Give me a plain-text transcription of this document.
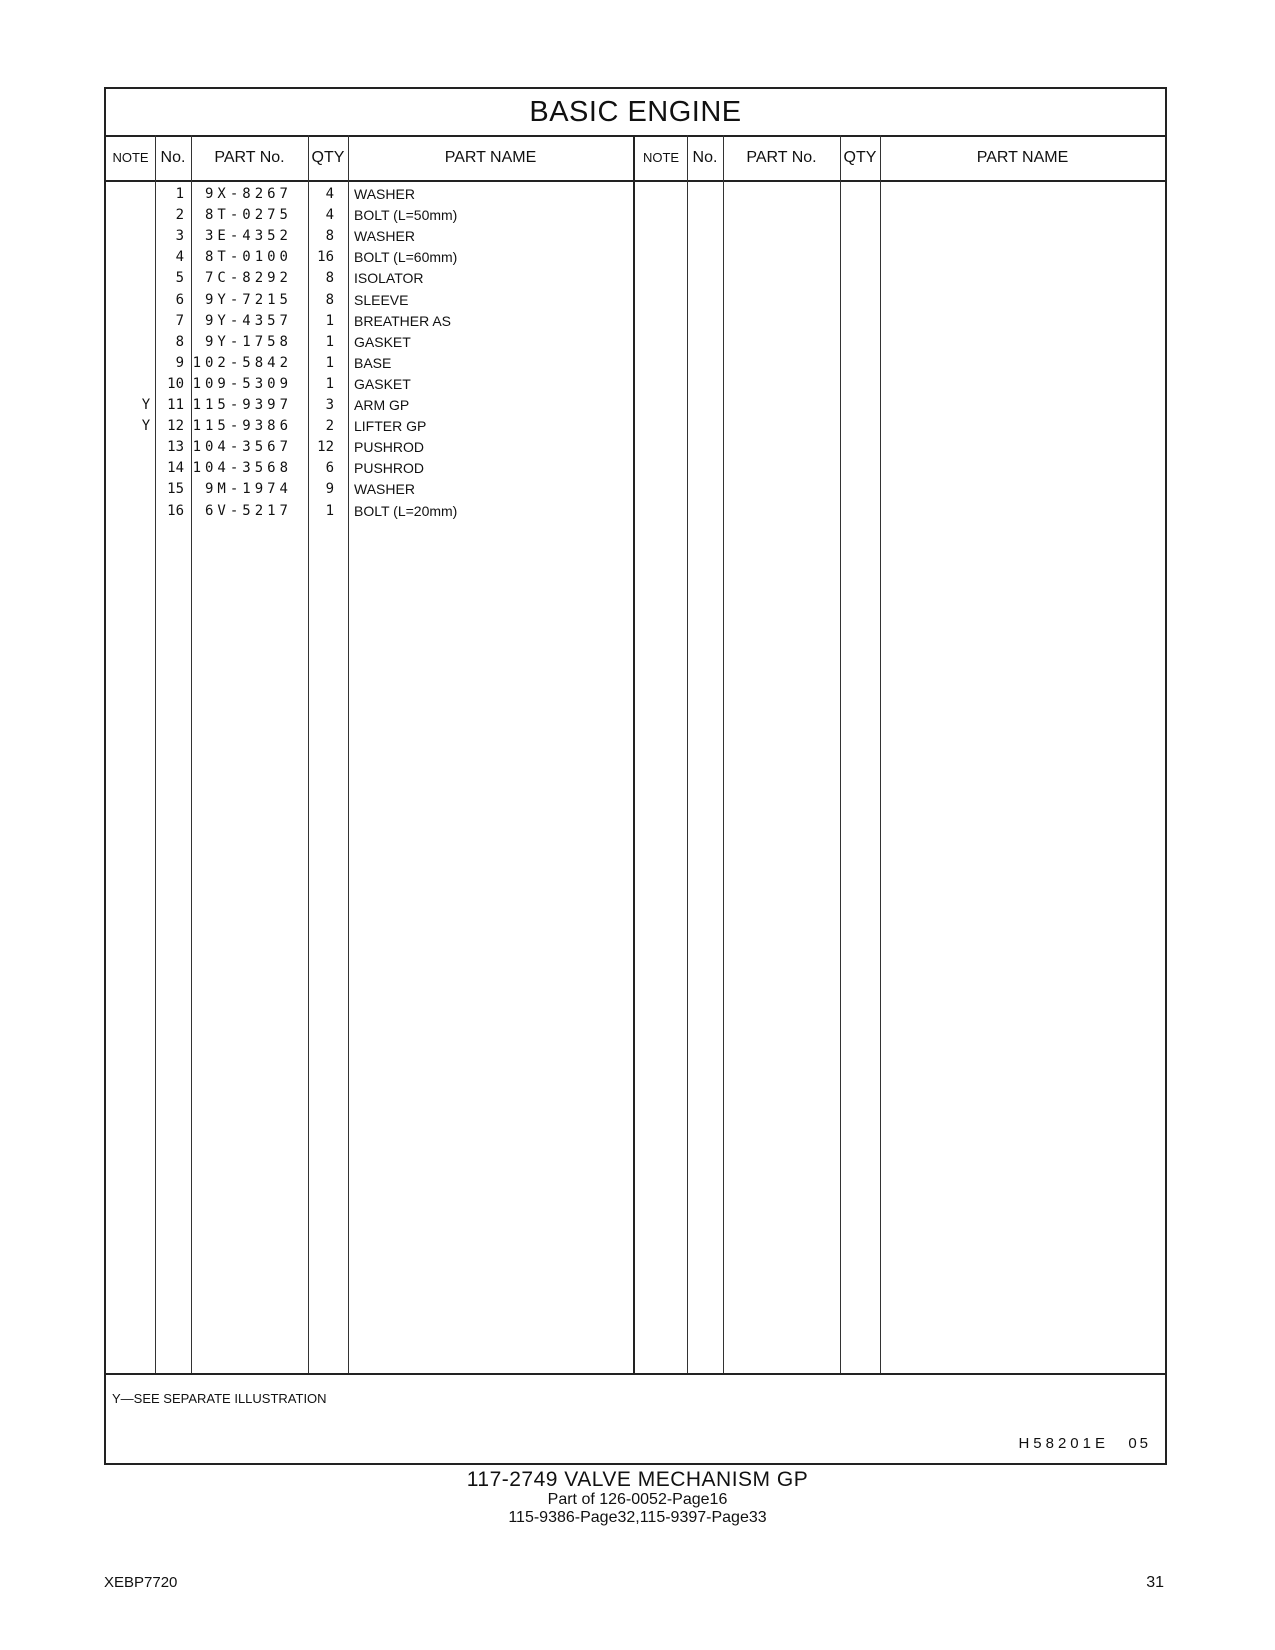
BASIC ENGINE
NOTE No.	PART No.	QTY	PART NAME	NOTE No.	PART No.	QTY	PART NAME
1	9X-8267	4 WASHER
2	8T-0275	4 BOLT (L=50mm)
3	3E-4352	8 WASHER
4	8T-0100	16 BOLT (L=60mm)
5	7C-8292	8 ISOLATOR
6	9Y-7215	8 SLEEVE
7	9Y-4357	1 BREATHER AS
8	9Y-1758	1 GASKET
9 102-5842	1 BASE
10 109-5309	1 GASKET
Y	11 115-9397	3 ARM GP
Y	12 115-9386	2 LIFTER GP
13 104-3567	12 PUSHROD
14 104-3568	6 PUSHROD
15	9M-1974	9 WASHER
16	6V-5217	1 BOLT (L=20mm)
Y—SEE SEPARATE ILLUSTRATION
H58201E 05
117‐2749 VALVE MECHANISM GP
Part of 126‐0052‐Page16
115‐9386‐Page32,115‐9397‐Page33
XEBP7720	31
